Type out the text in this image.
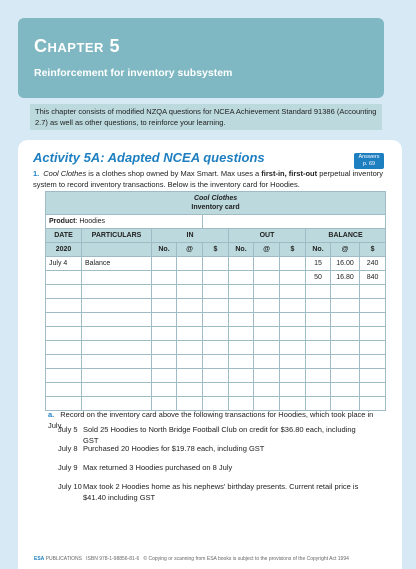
Chapter 5
Reinforcement for inventory subsystem
This chapter consists of modified NZQA questions for NCEA Achievement Standard 91386 (Accounting 2.7) as well as other questions, to reinforce your learning.
Activity 5A: Adapted NCEA questions	Answers
p. 69
1. Cool Clothes is a clothes shop owned by Max Smart. Max uses a first-in, first-out perpetual inventory system to record inventory transactions. Below is the inventory card for Hoodies.
Cool Clothes
Inventory card										

Product: Hoodies										
DATE	PARTICULARS	IN			OUT			BALANCE		
2020		No.	@	$	No.	@	$	No.	@	$
July 4	Balance							15	16.00	240
								50	16.80	840

a. Record on the inventory card above the following transactions for Hoodies, which took place in July.
July 5 Sold 25 Hoodies to North Bridge Football Club on credit for $36.80 each, including GST
July 8 Purchased 20 Hoodies for $19.78 each, including GST
July 9 Max returned 3 Hoodies purchased on 8 July
July 10 Max took 2 Hoodies home as his nephews' birthday presents. Current retail price is $41.40 including GST
ESA PUBLICATIONS ISBN 978-1-98856-81-6 © Copying or scanning from ESA books is subject to the provisions of the Copyright Act 1994
